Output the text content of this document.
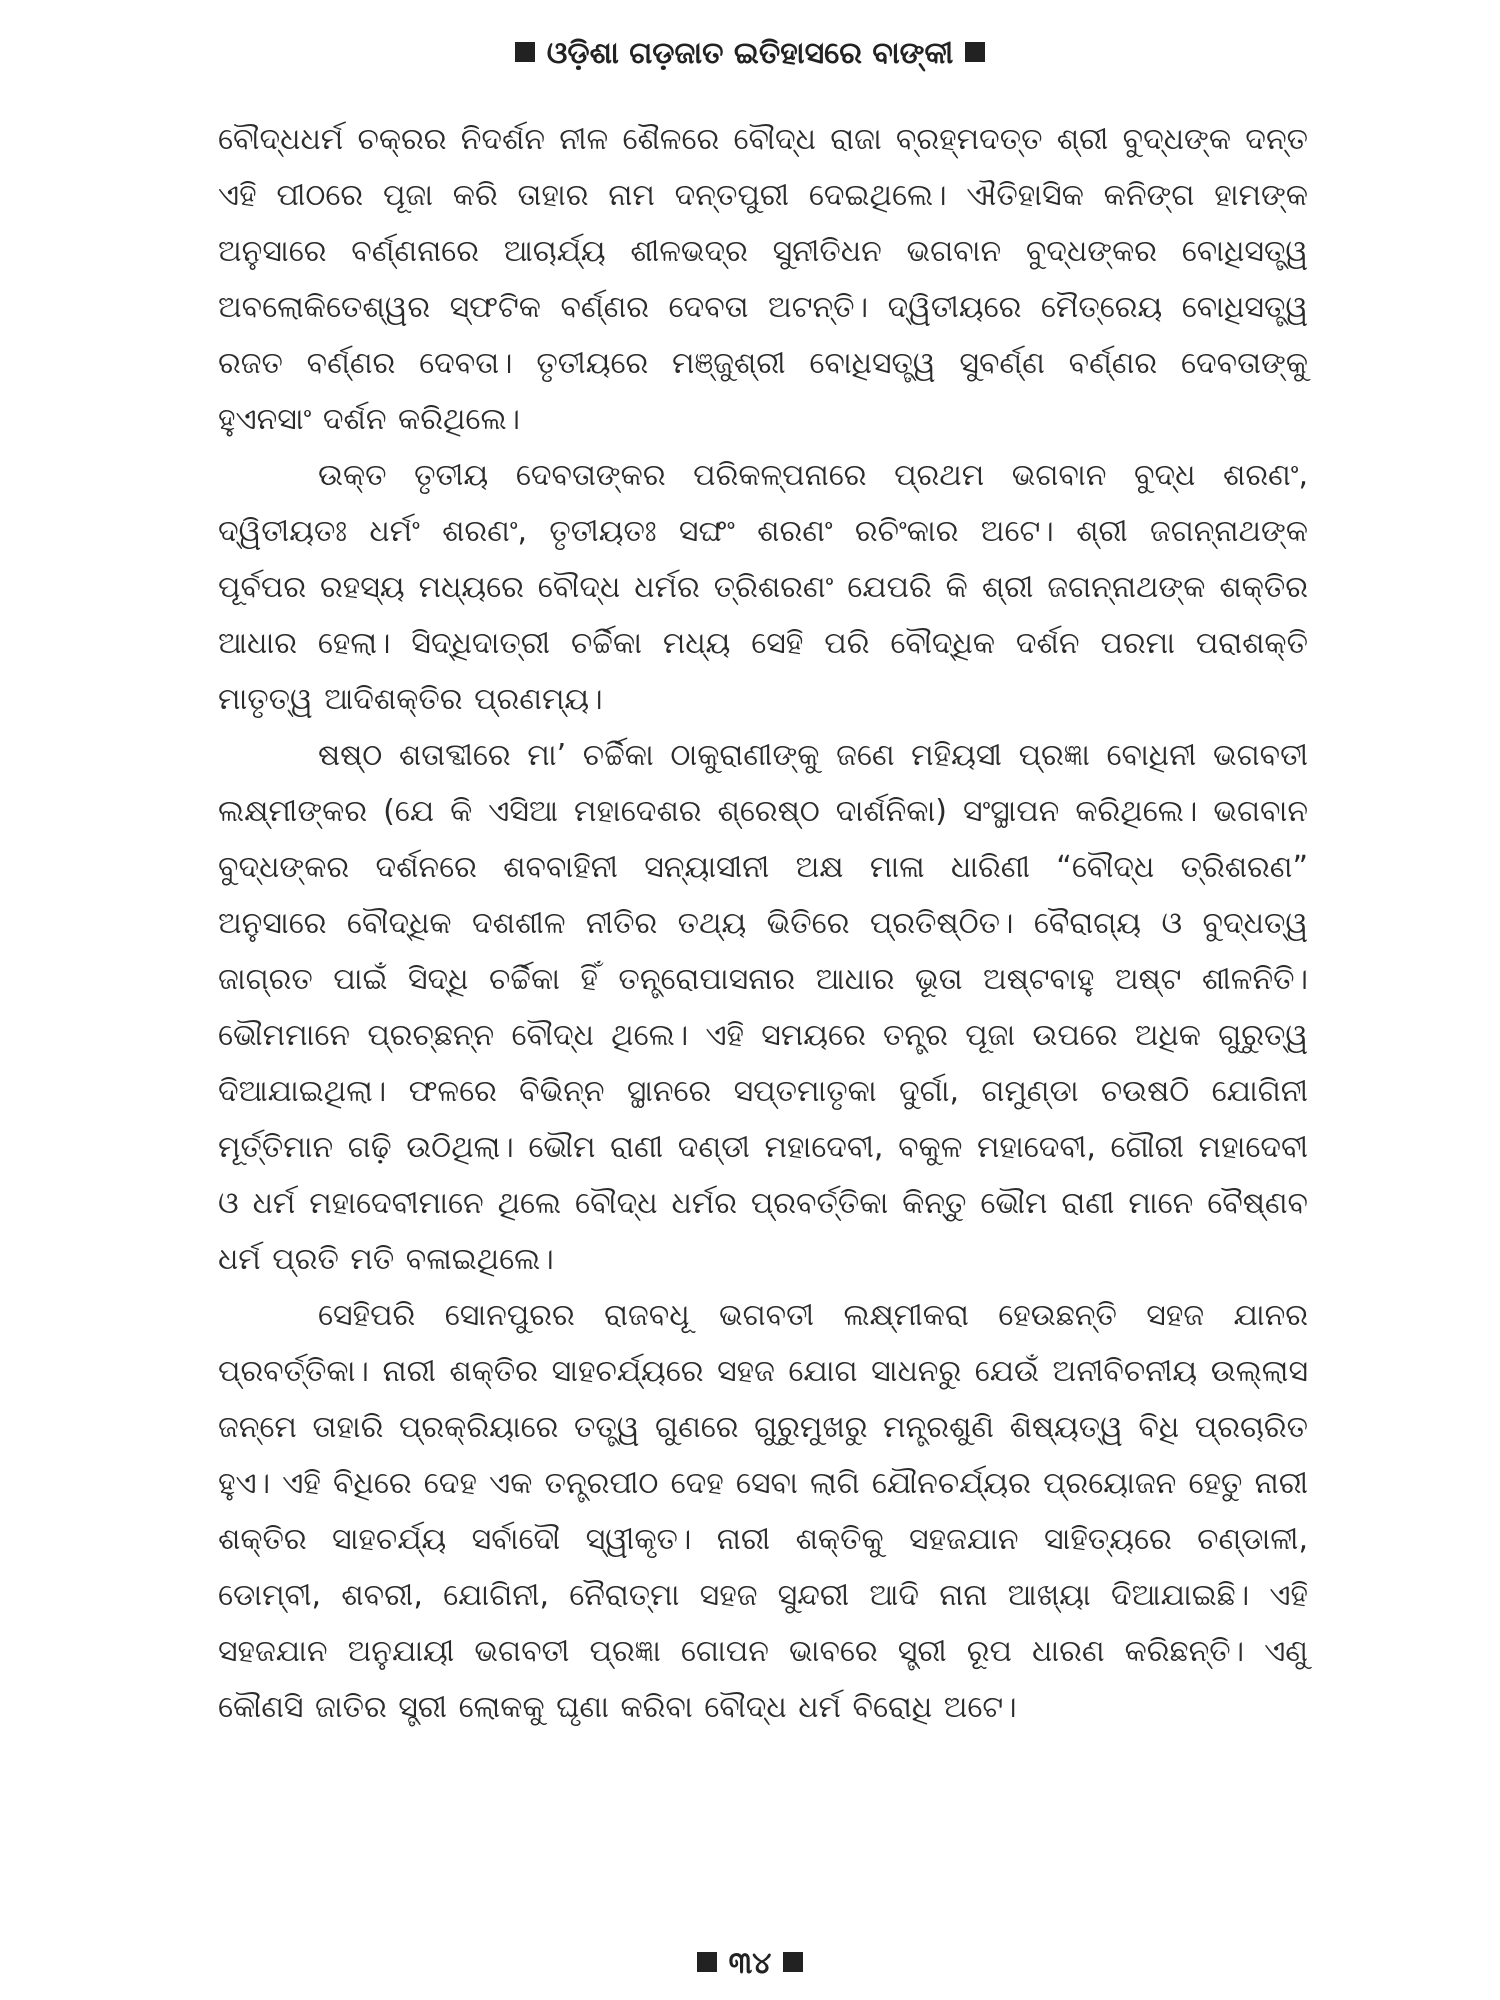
ଓଡ଼ିଶା ଗଡ଼ଜାତ ଇତିହାସରେ ବାଙ୍କୀ

ବୌଦ୍ଧଧର୍ମ ଚକ୍ରର ନିଦର୍ଶନ ନୀଳ ଶୈଳରେ ବୌଦ୍ଧ ରାଜା ବ୍ରହ୍ମଦତ୍ତ ଶ୍ରୀ ବୁଦ୍ଧଙ୍କ ଦନ୍ତ ଏହି ପୀଠରେ ପୂଜା କରି ତାହାର ନାମ ଦନ୍ତପୁରୀ ଦେଇଥିଲେ। ଐତିହାସିକ କନିଙ୍ଗ ହାମଙ୍କ ଅନୁସାରେ ବର୍ଣ୍ଣନାରେ ଆଚାର୍ଯ୍ୟ ଶୀଳଭଦ୍ର ସୁନୀତିଧନ ଭଗବାନ ବୁଦ୍ଧଙ୍କର ବୋଧିସତ୍ତ୍ୱ ଅବଲୋକିତେଶ୍ୱର ସ୍ଫଟିକ ବର୍ଣ୍ଣର ଦେବତା ଅଟନ୍ତି। ଦ୍ୱିତୀୟରେ ମୈତ୍ରେୟ ବୋଧିସତ୍ତ୍ୱ ରଜତ ବର୍ଣ୍ଣର ଦେବତା। ତୃତୀୟରେ ମଞ୍ଜୁଶ୍ରୀ ବୋଧିସତ୍ତ୍ୱ ସୁବର୍ଣ୍ଣ ବର୍ଣ୍ଣର ଦେବତାଙ୍କୁ ହୁଏନସାଂ ଦର୍ଶନ କରିଥିଲେ।

ଉକ୍ତ ତୃତୀୟ ଦେବତାଙ୍କର ପରିକଳ୍ପନାରେ ପ୍ରଥମ ଭଗବାନ ବୁଦ୍ଧ ଶରଣଂ, ଦ୍ୱିତୀୟତଃ ଧର୍ମଂ ଶରଣଂ, ତୃତୀୟତଃ ସଙ୍ଘଂ ଶରଣଂ ରଚିଂକାର ଅଟେ। ଶ୍ରୀ ଜଗନ୍ନାଥଙ୍କ ପୂର୍ବପର ରହସ୍ୟ ମଧ୍ୟରେ ବୌଦ୍ଧ ଧର୍ମର ତ୍ରିଶରଣଂ ଯେପରି କି ଶ୍ରୀ ଜଗନ୍ନାଥଙ୍କ ଶକ୍ତିର ଆଧାର ହେଲା। ସିଦ୍ଧିଦାତ୍ରୀ ଚର୍ଚ୍ଚିକା ମଧ୍ୟ ସେହି ପରି ବୌଦ୍ଧିକ ଦର୍ଶନ ପରମା ପରାଶକ୍ତି ମାତୃତ୍ୱ ଆଦିଶକ୍ତିର ପ୍ରଣମ୍ୟ।

ଷଷ୍ଠ ଶତାବ୍ଦୀରେ ମା’ ଚର୍ଚ୍ଚିକା ଠାକୁରାଣୀଙ୍କୁ ଜଣେ ମହିୟସୀ ପ୍ରଜ୍ଞା ବୋଧିନୀ ଭଗବତୀ ଲକ୍ଷ୍ମୀଙ୍କର (ଯେ କି ଏସିଆ ମହାଦେଶର ଶ୍ରେଷ୍ଠ ଦାର୍ଶନିକା) ସଂସ୍ଥାପନ କରିଥିଲେ। ଭଗବାନ ବୁଦ୍ଧଙ୍କର ଦର୍ଶନରେ ଶବବାହିନୀ ସନ୍ୟାସୀନୀ ଅକ୍ଷ ମାଳା ଧାରିଣୀ “ବୌଦ୍ଧ ତ୍ରିଶରଣ” ଅନୁସାରେ ବୌଦ୍ଧିକ ଦଶଶୀଳ ନୀତିର ତଥ୍ୟ ଭିତିରେ ପ୍ରତିଷ୍ଠିତ। ବୈରାଗ୍ୟ ଓ ବୁଦ୍ଧତ୍ୱ ଜାଗ୍ରତ ପାଇଁ ସିଦ୍ଧି ଚର୍ଚ୍ଚିକା ହିଁ ତନ୍ତ୍ରୋପାସନାର ଆଧାର ଭୂତା ଅଷ୍ଟବାହୁ ଅଷ୍ଟ ଶୀଳନିତି। ଭୌମମାନେ ପ୍ରଚ୍ଛନ୍ନ ବୌଦ୍ଧ ଥିଲେ। ଏହି ସମୟରେ ତନ୍ତ୍ର ପୂଜା ଉପରେ ଅଧିକ ଗୁରୁତ୍ୱ ଦିଆଯାଇଥିଲା। ଫଳରେ ବିଭିନ୍ନ ସ୍ଥାନରେ ସପ୍ତମାତୃକା ଦୁର୍ଗା, ଗମୁଣ୍ଡା ଚଉଷଠି ଯୋଗିନୀ ମୂର୍ତ୍ତିମାନ ଗଢ଼ି ଉଠିଥିଲା। ଭୌମ ରାଣୀ ଦଣ୍ଡୀ ମହାଦେବୀ, ବକୁଳ ମହାଦେବୀ, ଗୌରୀ ମହାଦେବୀ ଓ ଧର୍ମ ମହାଦେବୀମାନେ ଥିଲେ ବୌଦ୍ଧ ଧର୍ମର ପ୍ରବର୍ତ୍ତିକା କିନ୍ତୁ ଭୌମ ରାଣୀ ମାନେ ବୈଷ୍ଣବ ଧର୍ମ ପ୍ରତି ମତି ବଳାଇଥିଲେ।

ସେହିପରି ସୋନପୁରର ରାଜବଧୂ ଭଗବତୀ ଲକ୍ଷ୍ମୀକରା ହେଉଛନ୍ତି ସହଜ ଯାନର ପ୍ରବର୍ତ୍ତିକା। ନାରୀ ଶକ୍ତିର ସାହଚର୍ଯ୍ୟରେ ସହଜ ଯୋଗ ସାଧନରୁ ଯେଉଁ ଅନୀବିଚନୀୟ ଉଲ୍ଲାସ ଜନ୍ମେ ତାହାରି ପ୍ରକ୍ରିୟାରେ ତତ୍ତ୍ୱ ଗୁଣରେ ଗୁରୁମୁଖରୁ ମନ୍ତ୍ରଶୁଣି ଶିଷ୍ୟତ୍ୱ ବିଧି ପ୍ରଚାରିତ ହୁଏ। ଏହି ବିଧିରେ ଦେହ ଏକ ତନ୍ତ୍ରପୀଠ ଦେହ ସେବା ଲାଗି ଯୌନଚର୍ଯ୍ୟର ପ୍ରୟୋଜନ ହେତୁ ନାରୀ ଶକ୍ତିର ସାହଚର୍ଯ୍ୟ ସର୍ବାଦୌ ସ୍ୱୀକୃତ। ନାରୀ ଶକ୍ତିକୁ ସହଜଯାନ ସାହିତ୍ୟରେ ଚଣ୍ଡାଳୀ, ଡୋମ୍ବୀ, ଶବରୀ, ଯୋଗିନୀ, ନୈରାତ୍ମା ସହଜ ସୁନ୍ଦରୀ ଆଦି ନାନା ଆଖ୍ୟା ଦିଆଯାଇଛି। ଏହି ସହଜଯାନ ଅନୁଯାୟୀ ଭଗବତୀ ପ୍ରଜ୍ଞା ଗୋପନ ଭାବରେ ସ୍ତ୍ରୀ ରୂପ ଧାରଣ କରିଛନ୍ତି। ଏଣୁ କୌଣସି ଜାତିର ସ୍ତ୍ରୀ ଲୋକକୁ ଘୃଣା କରିବା ବୌଦ୍ଧ ଧର୍ମ ବିରୋଧି ଅଟେ।

୩୪
